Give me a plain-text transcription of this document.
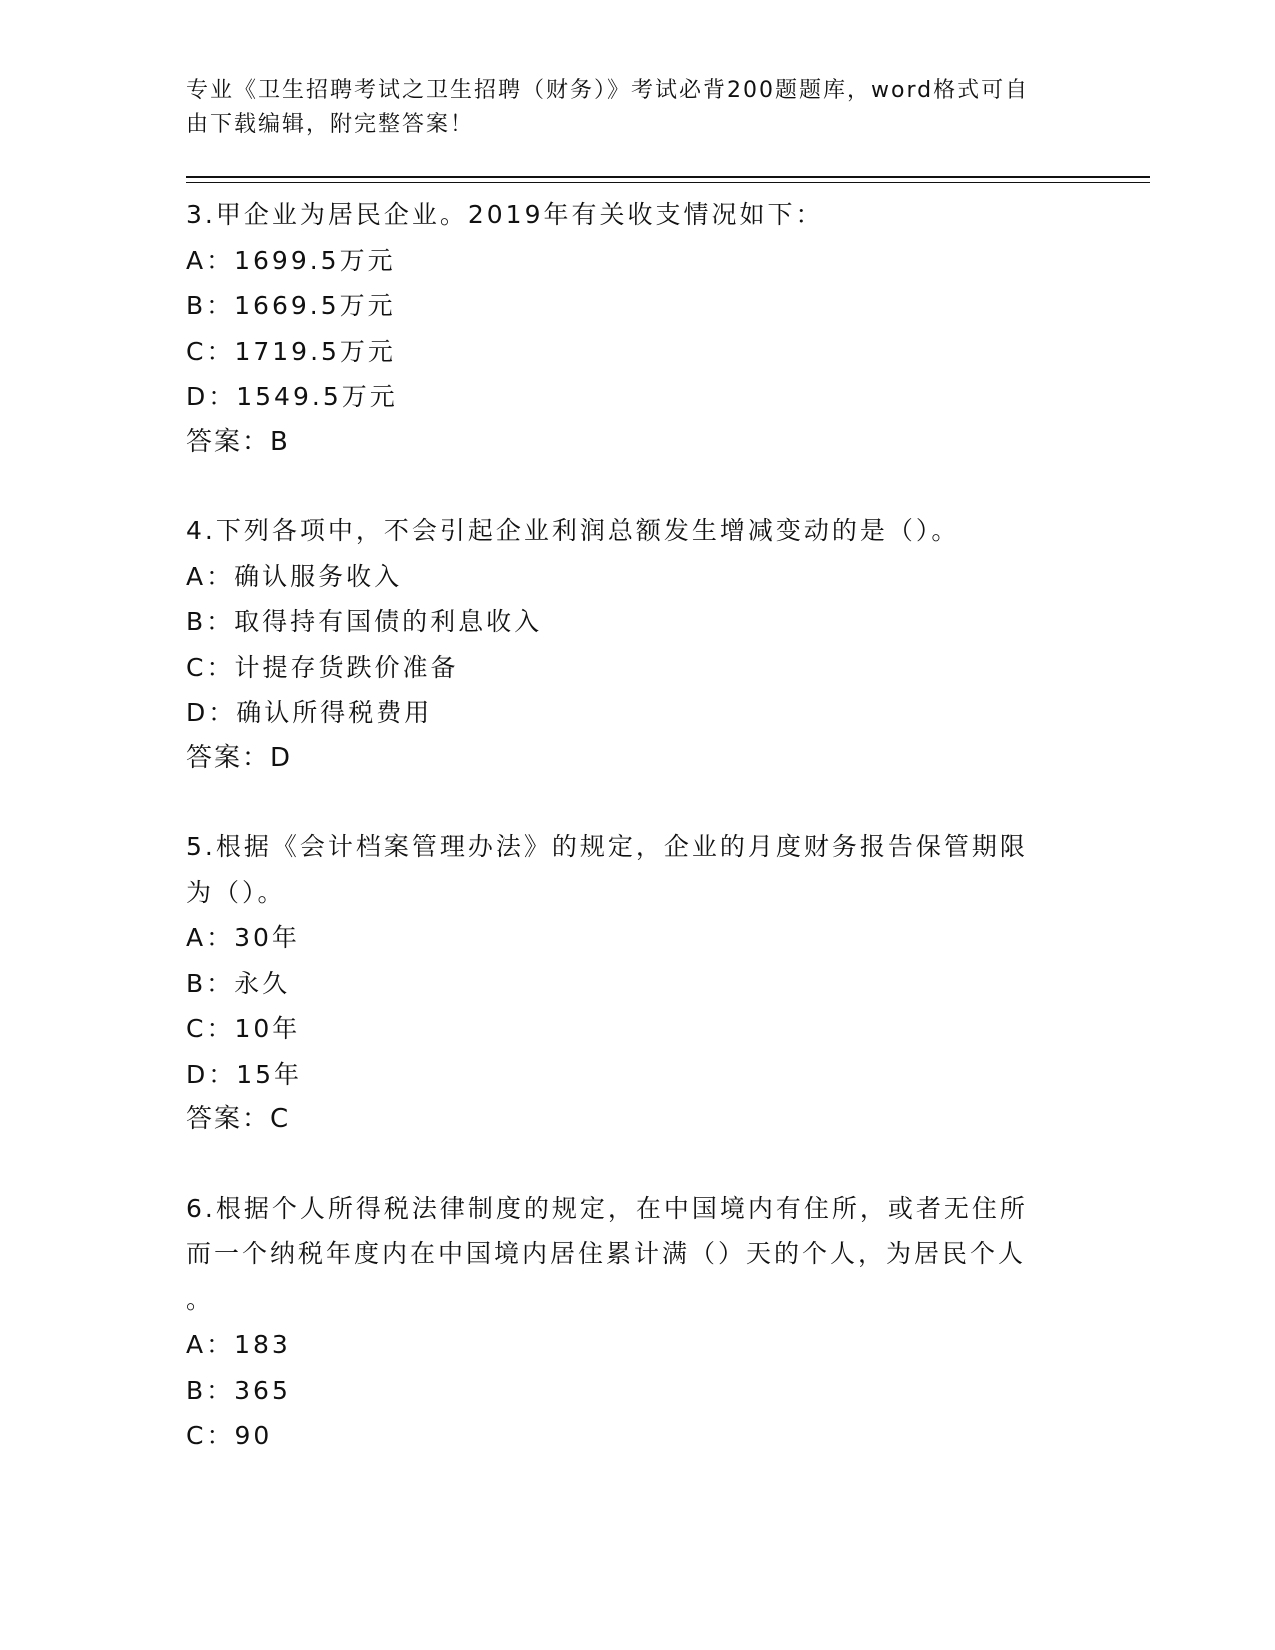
专业《卫生招聘考试之卫生招聘（财务）》考试必背200题题库，word格式可自
由下载编辑，附完整答案！

3.甲企业为居民企业。2019年有关收支情况如下：

A：1699.5万元

B：1669.5万元

C：1719.5万元

D：1549.5万元

答案：B

4.下列各项中，不会引起企业利润总额发生增减变动的是（）。

A：确认服务收入

B：取得持有国债的利息收入

C：计提存货跌价准备

D：确认所得税费用

答案：D

5.根据《会计档案管理办法》的规定，企业的月度财务报告保管期限

为（）。

A：30年

B：永久

C：10年

D：15年

答案：C

6.根据个人所得税法律制度的规定，在中国境内有住所，或者无住所

而一个纳税年度内在中国境内居住累计满（）天的个人，为居民个人

。

A：183

B：365

C：90
